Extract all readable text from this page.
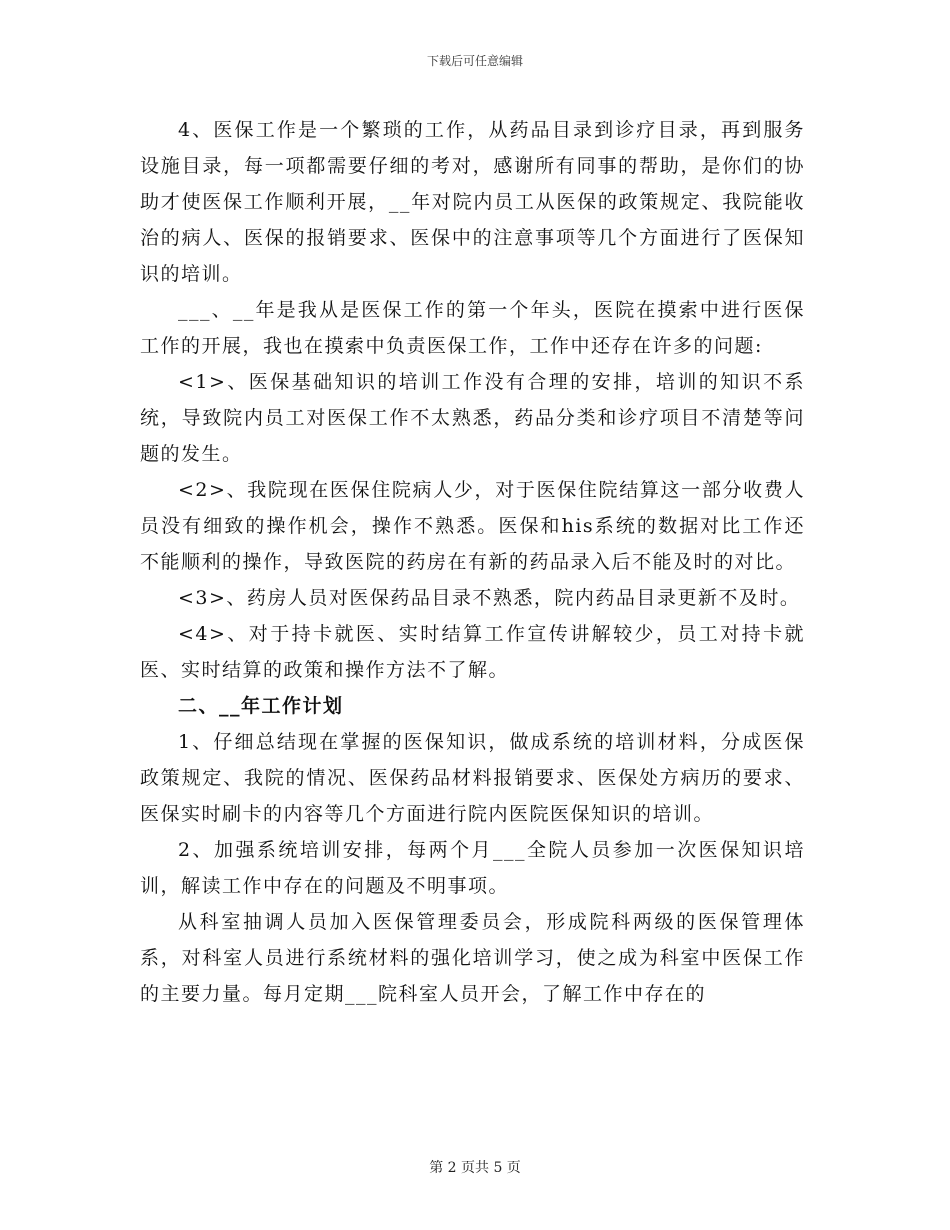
下载后可任意编辑

4、医保工作是一个繁琐的工作，从药品目录到诊疗目录，再到服务设施目录，每一项都需要仔细的考对，感谢所有同事的帮助，是你们的协助才使医保工作顺利开展，__年对院内员工从医保的政策规定、我院能收治的病人、医保的报销要求、医保中的注意事项等几个方面进行了医保知识的培训。

___、__年是我从是医保工作的第一个年头，医院在摸索中进行医保工作的开展，我也在摸索中负责医保工作，工作中还存在许多的问题:

<1>、医保基础知识的培训工作没有合理的安排，培训的知识不系统，导致院内员工对医保工作不太熟悉，药品分类和诊疗项目不清楚等问题的发生。

<2>、我院现在医保住院病人少，对于医保住院结算这一部分收费人员没有细致的操作机会，操作不熟悉。医保和his系统的数据对比工作还不能顺利的操作，导致医院的药房在有新的药品录入后不能及时的对比。

<3>、药房人员对医保药品目录不熟悉，院内药品目录更新不及时。

<4>、对于持卡就医、实时结算工作宣传讲解较少，员工对持卡就医、实时结算的政策和操作方法不了解。

二、__年工作计划

1、仔细总结现在掌握的医保知识，做成系统的培训材料，分成医保政策规定、我院的情况、医保药品材料报销要求、医保处方病历的要求、医保实时刷卡的内容等几个方面进行院内医院医保知识的培训。

2、加强系统培训安排，每两个月___全院人员参加一次医保知识培训，解读工作中存在的问题及不明事项。

从科室抽调人员加入医保管理委员会，形成院科两级的医保管理体系，对科室人员进行系统材料的强化培训学习，使之成为科室中医保工作的主要力量。每月定期___院科室人员开会，了解工作中存在的

第 2 页共 5 页
